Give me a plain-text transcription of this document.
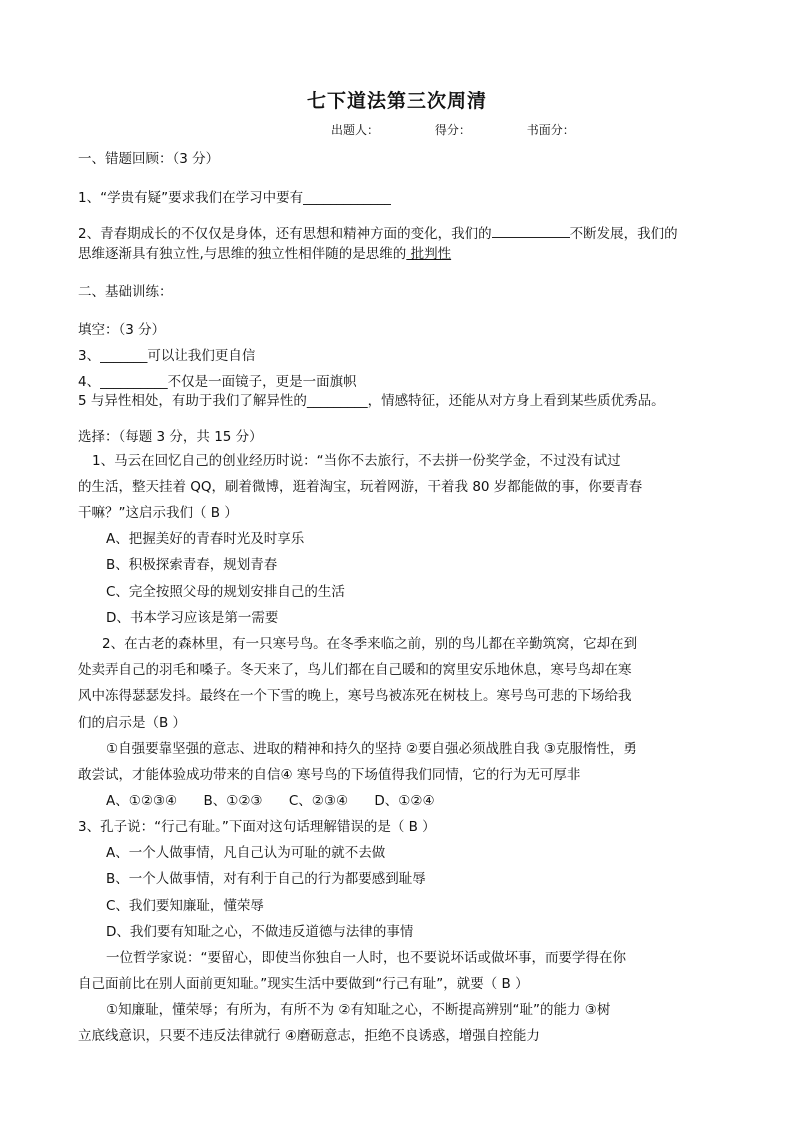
七下道法第三次周清
出题人：	得分：	书面分：
一、错题回顾：（3 分）
1、“学贵有疑”要求我们在学习中要有_____________
2、青春期成长的不仅仅是身体，还有思想和精神方面的变化，我们的	不断发展，我们的
思维逐渐具有独立性,与思维的独立性相伴随的是思维的 批判性
二、基础训练：
填空：（3 分）
3、_______可以让我们更自信
4、__________不仅是一面镜子，更是一面旗帜
5 与异性相处，有助于我们了解异性的_________，情感特征，还能从对方身上看到某些质优秀品。
选择：（每题 3 分，共 15 分）
1、马云在回忆自己的创业经历时说：“当你不去旅行，不去拼一份奖学金，不过没有试过
的生活，整天挂着 QQ，刷着微博，逛着淘宝，玩着网游，干着我 80 岁都能做的事，你要青春
干嘛？”这启示我们（ B ）
A、把握美好的青春时光及时享乐
B、积极探索青春，规划青春
C、完全按照父母的规划安排自己的生活
D、书本学习应该是第一需要
2、在古老的森林里，有一只寒号鸟。在冬季来临之前，别的鸟儿都在辛勤筑窝，它却在到
处卖弄自己的羽毛和嗓子。冬天来了，鸟儿们都在自己暖和的窝里安乐地休息，寒号鸟却在寒
风中冻得瑟瑟发抖。最终在一个下雪的晚上，寒号鸟被冻死在树枝上。寒号鸟可悲的下场给我
们的启示是（B ）
①自强要靠坚强的意志、进取的精神和持久的坚持 ②要自强必须战胜自我 ③克服惰性，勇
敢尝试，才能体验成功带来的自信④ 寒号鸟的下场值得我们同情，它的行为无可厚非
A、①②③④ B、①②③ C、②③④ D、①②④
3、孔子说：“行己有耻。”下面对这句话理解错误的是（ B ）
A、一个人做事情，凡自己认为可耻的就不去做
B、一个人做事情，对有利于自己的行为都要感到耻辱
C、我们要知廉耻，懂荣辱
D、我们要有知耻之心，不做违反道德与法律的事情
一位哲学家说：“要留心，即使当你独自一人时，也不要说坏话或做坏事，而要学得在你
自己面前比在别人面前更知耻。”现实生活中要做到“行己有耻”，就要（ B ）
①知廉耻，懂荣辱；有所为，有所不为 ②有知耻之心，不断提高辨别“耻”的能力 ③树
立底线意识，只要不违反法律就行 ④磨砺意志，拒绝不良诱惑，增强自控能力
